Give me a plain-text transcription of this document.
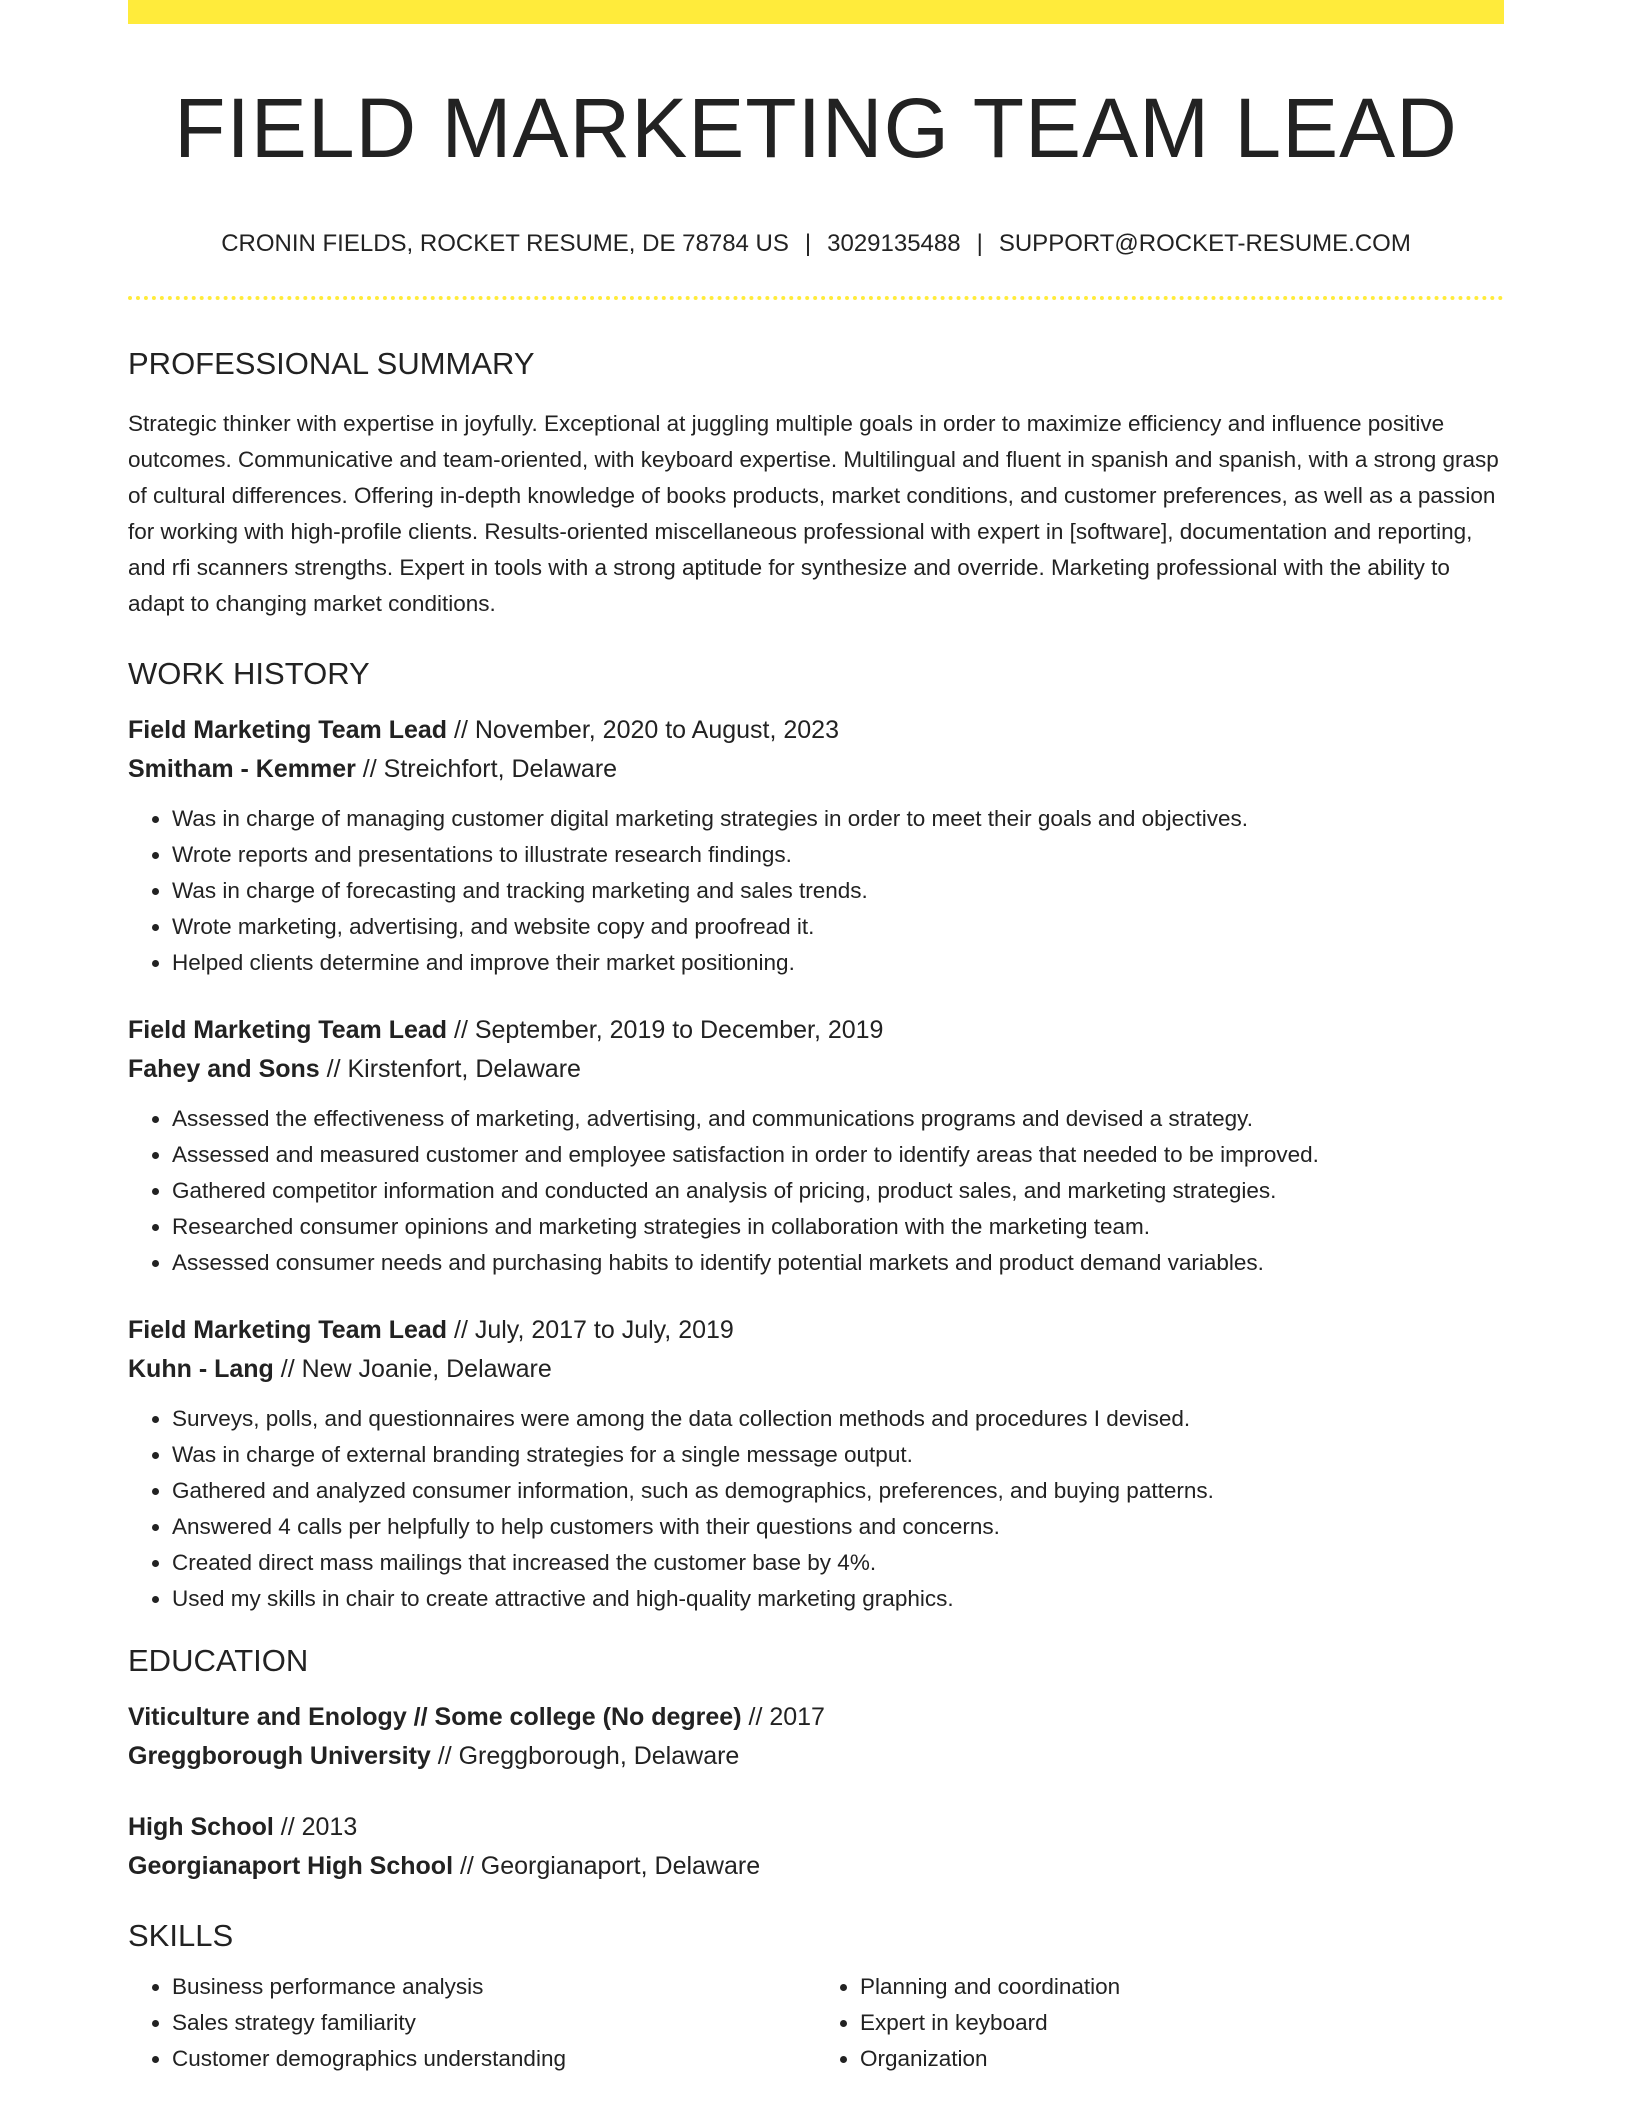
FIELD MARKETING TEAM LEAD
CRONIN FIELDS, ROCKET RESUME, DE 78784 US | 3029135488 | SUPPORT@ROCKET-RESUME.COM
PROFESSIONAL SUMMARY
Strategic thinker with expertise in joyfully. Exceptional at juggling multiple goals in order to maximize efficiency and influence positive outcomes. Communicative and team-oriented, with keyboard expertise. Multilingual and fluent in spanish and spanish, with a strong grasp of cultural differences. Offering in-depth knowledge of books products, market conditions, and customer preferences, as well as a passion for working with high-profile clients. Results-oriented miscellaneous professional with expert in [software], documentation and reporting, and rfi scanners strengths. Expert in tools with a strong aptitude for synthesize and override. Marketing professional with the ability to adapt to changing market conditions.
WORK HISTORY
Field Marketing Team Lead // November, 2020 to August, 2023
Smitham - Kemmer // Streichfort, Delaware
• Was in charge of managing customer digital marketing strategies in order to meet their goals and objectives.
• Wrote reports and presentations to illustrate research findings.
• Was in charge of forecasting and tracking marketing and sales trends.
• Wrote marketing, advertising, and website copy and proofread it.
• Helped clients determine and improve their market positioning.
Field Marketing Team Lead // September, 2019 to December, 2019
Fahey and Sons // Kirstenfort, Delaware
• Assessed the effectiveness of marketing, advertising, and communications programs and devised a strategy.
• Assessed and measured customer and employee satisfaction in order to identify areas that needed to be improved.
• Gathered competitor information and conducted an analysis of pricing, product sales, and marketing strategies.
• Researched consumer opinions and marketing strategies in collaboration with the marketing team.
• Assessed consumer needs and purchasing habits to identify potential markets and product demand variables.
Field Marketing Team Lead // July, 2017 to July, 2019
Kuhn - Lang // New Joanie, Delaware
• Surveys, polls, and questionnaires were among the data collection methods and procedures I devised.
• Was in charge of external branding strategies for a single message output.
• Gathered and analyzed consumer information, such as demographics, preferences, and buying patterns.
• Answered 4 calls per helpfully to help customers with their questions and concerns.
• Created direct mass mailings that increased the customer base by 4%.
• Used my skills in chair to create attractive and high-quality marketing graphics.
EDUCATION
Viticulture and Enology // Some college (No degree) // 2017
Greggborough University // Greggborough, Delaware
High School // 2013
Georgianaport High School // Georgianaport, Delaware
SKILLS
• Business performance analysis
• Sales strategy familiarity
• Customer demographics understanding
• Planning and coordination
• Expert in keyboard
• Organization
